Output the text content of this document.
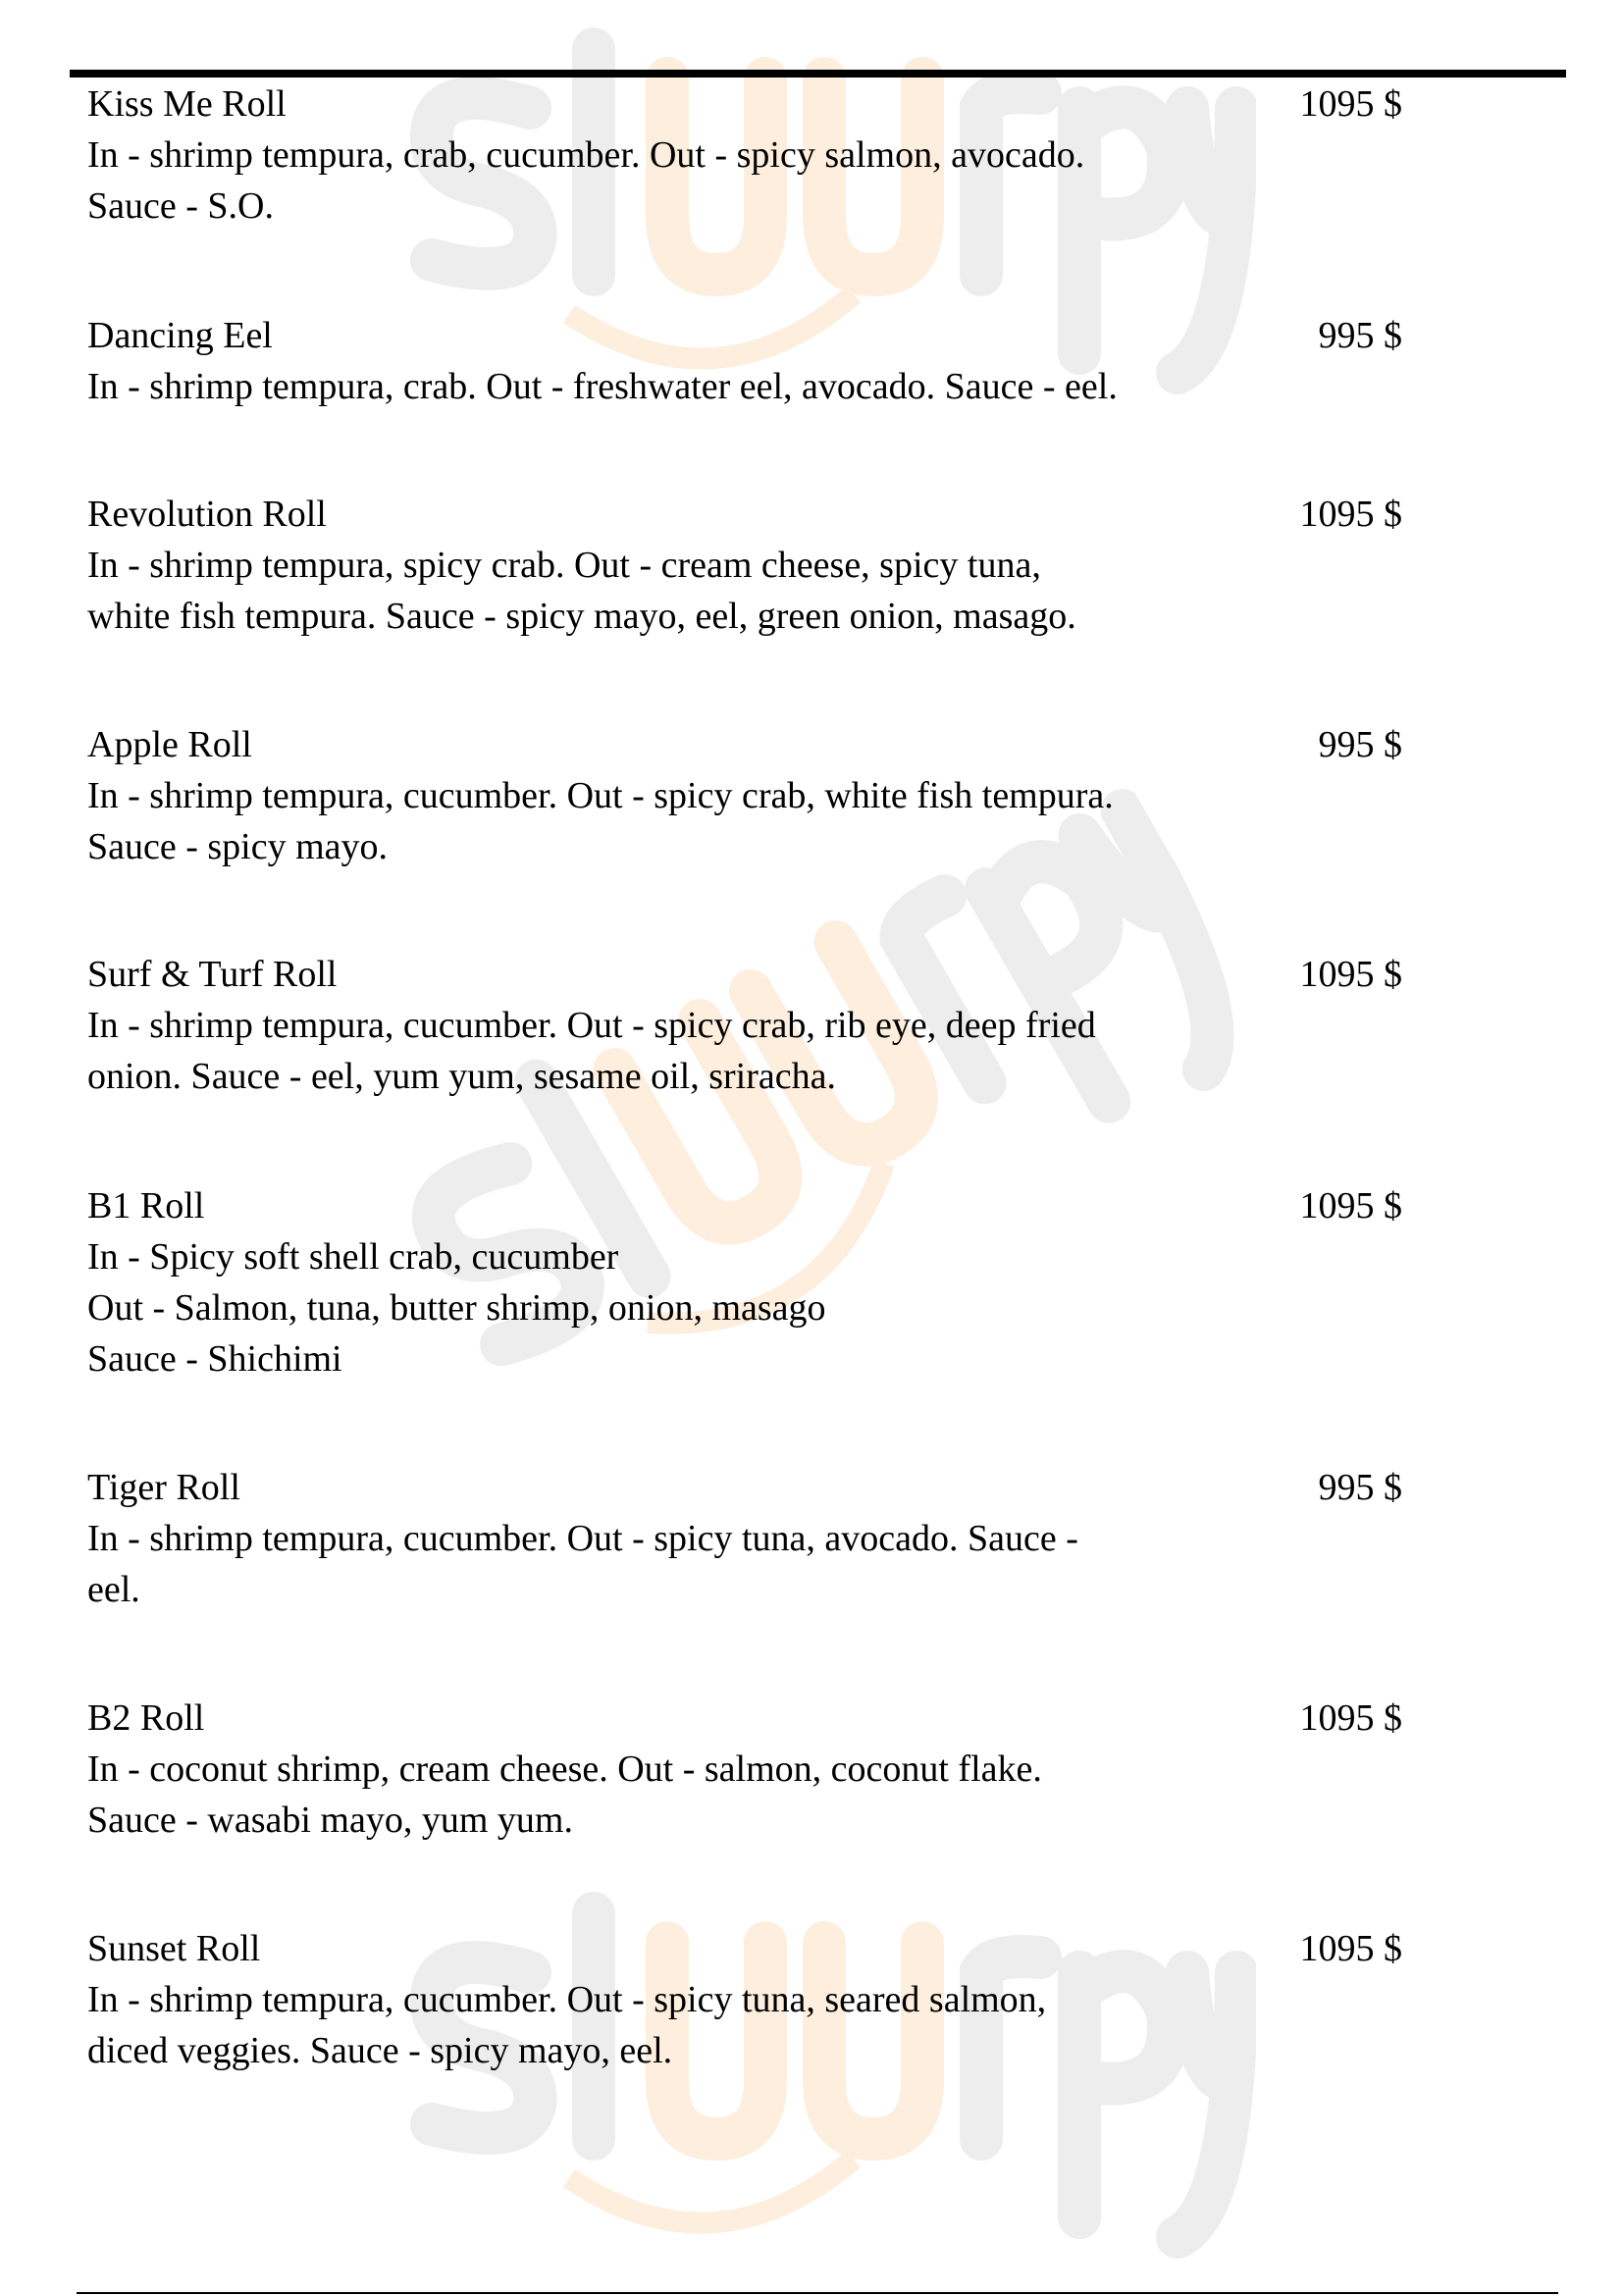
Kiss Me Roll	1095 $
In - shrimp tempura, crab, cucumber. Out - spicy salmon, avocado.
Sauce - S.O.
Dancing Eel	995 $
In - shrimp tempura, crab. Out - freshwater eel, avocado. Sauce - eel.
Revolution Roll	1095 $
In - shrimp tempura, spicy crab. Out - cream cheese, spicy tuna,
white fish tempura. Sauce - spicy mayo, eel, green onion, masago.
Apple Roll	995 $
In - shrimp tempura, cucumber. Out - spicy crab, white fish tempura.
Sauce - spicy mayo.
Surf & Turf Roll	1095 $
In - shrimp tempura, cucumber. Out - spicy crab, rib eye, deep fried
onion. Sauce - eel, yum yum, sesame oil, sriracha.
B1 Roll	1095 $
In - Spicy soft shell crab, cucumber
Out - Salmon, tuna, butter shrimp, onion, masago
Sauce - Shichimi
Tiger Roll	995 $
In - shrimp tempura, cucumber. Out - spicy tuna, avocado. Sauce -
eel.
B2 Roll	1095 $
In - coconut shrimp, cream cheese. Out - salmon, coconut flake.
Sauce - wasabi mayo, yum yum.
Sunset Roll	1095 $
In - shrimp tempura, cucumber. Out - spicy tuna, seared salmon,
diced veggies. Sauce - spicy mayo, eel.
